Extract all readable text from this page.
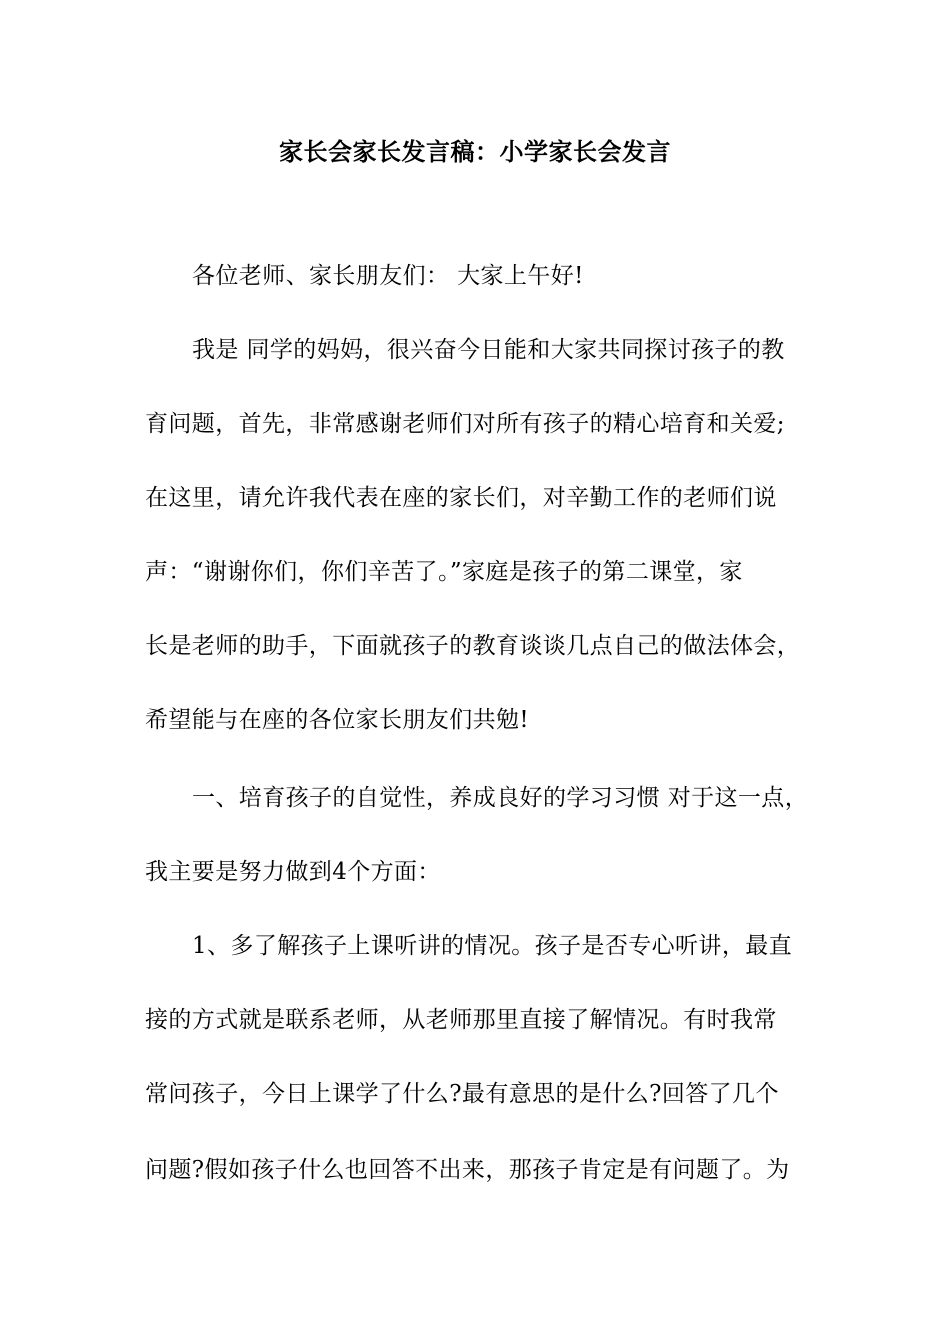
家长会家长发言稿：小学家长会发言
各位老师、家长朋友们： 大家上午好!
我是 同学的妈妈，很兴奋今日能和大家共同探讨孩子的教
育问题，首先，非常感谢老师们对所有孩子的精心培育和关爱;
在这里，请允许我代表在座的家长们，对辛勤工作的老师们说
声：“谢谢你们，你们辛苦了。”家庭是孩子的第二课堂，家
长是老师的助手，下面就孩子的教育谈谈几点自己的做法体会，
希望能与在座的各位家长朋友们共勉!
一、培育孩子的自觉性，养成良好的学习习惯 对于这一点，
我主要是努力做到4个方面：
1、多了解孩子上课听讲的情况。孩子是否专心听讲，最直
接的方式就是联系老师，从老师那里直接了解情况。有时我常
常问孩子，今日上课学了什么?最有意思的是什么?回答了几个
问题?假如孩子什么也回答不出来，那孩子肯定是有问题了。为
